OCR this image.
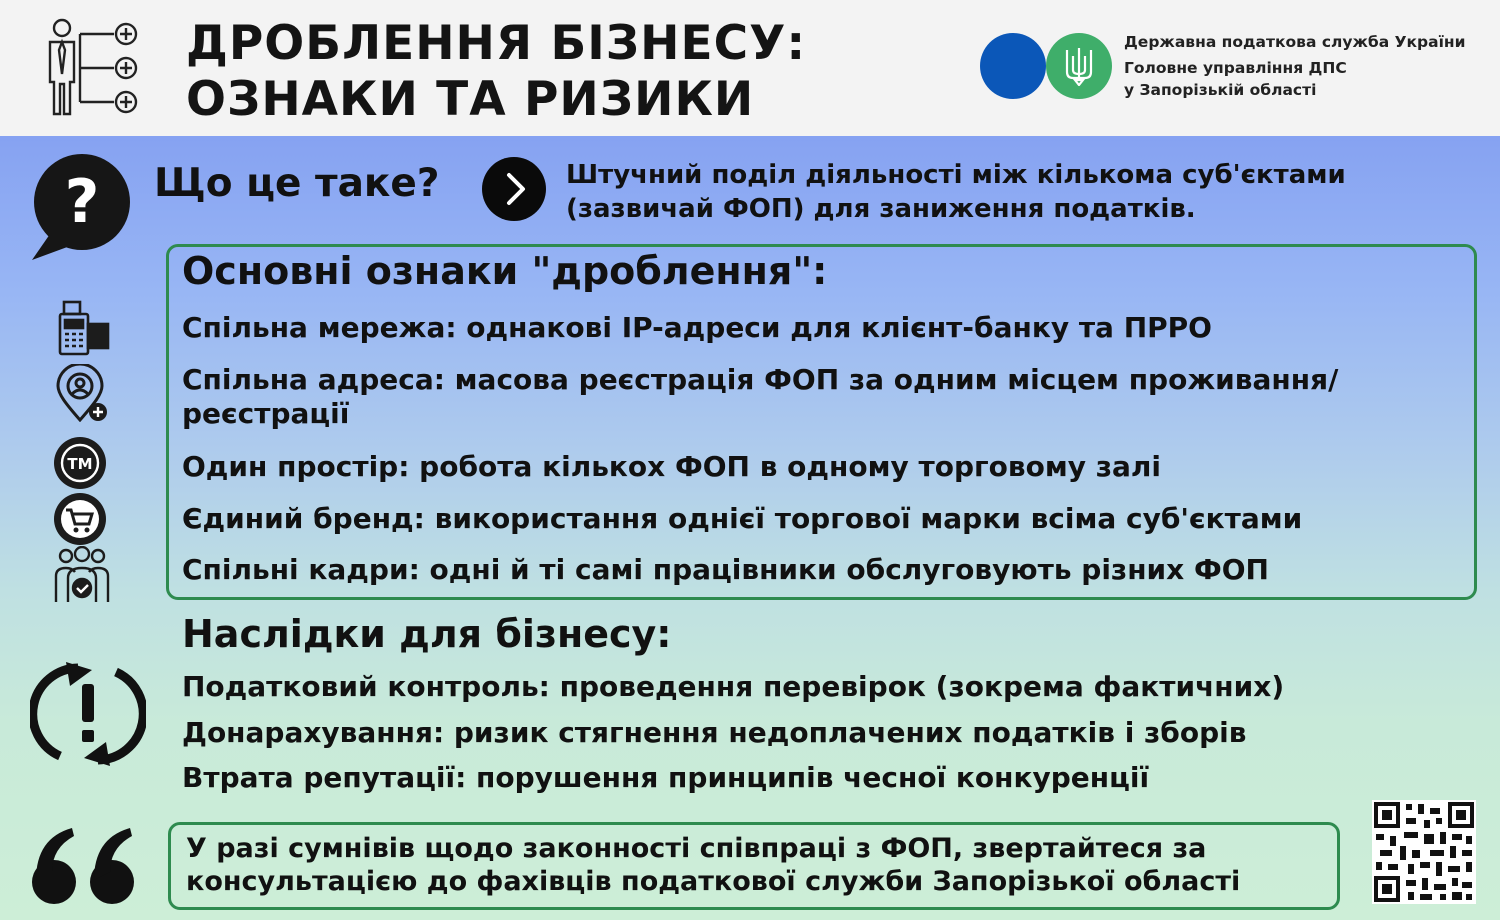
ДРОБЛЕННЯ БІЗНЕСУ:
ОЗНАКИ ТА РИЗИКИ
Державна податкова служба України
Головне управління ДПС
у Запорізькій області
? Що це таке?	Штучний поділ діяльності між кількома суб'єктами (зазвичай ФОП) для заниження податків.
Основні ознаки "дроблення":
Спільна мережа: однакові IP-адреси для клієнт-банку та ПРРО
Спільна адреса: масова реєстрація ФОП за одним місцем проживання/реєстрації
Один простір: робота кількох ФОП в одному торговому залі
Єдиний бренд: використання однієї торгової марки всіма суб'єктами
Спільні кадри: одні й ті самі працівники обслуговують різних ФОП
TM
Наслідки для бізнесу:
Податковий контроль: проведення перевірок (зокрема фактичних)
Донарахування: ризик стягнення недоплачених податків і зборів
Втрата репутації: порушення принципів чесної конкуренції
У разі сумнівів щодо законності співпраці з ФОП, звертайтеся за консультацією до фахівців податкової служби Запорізької області
